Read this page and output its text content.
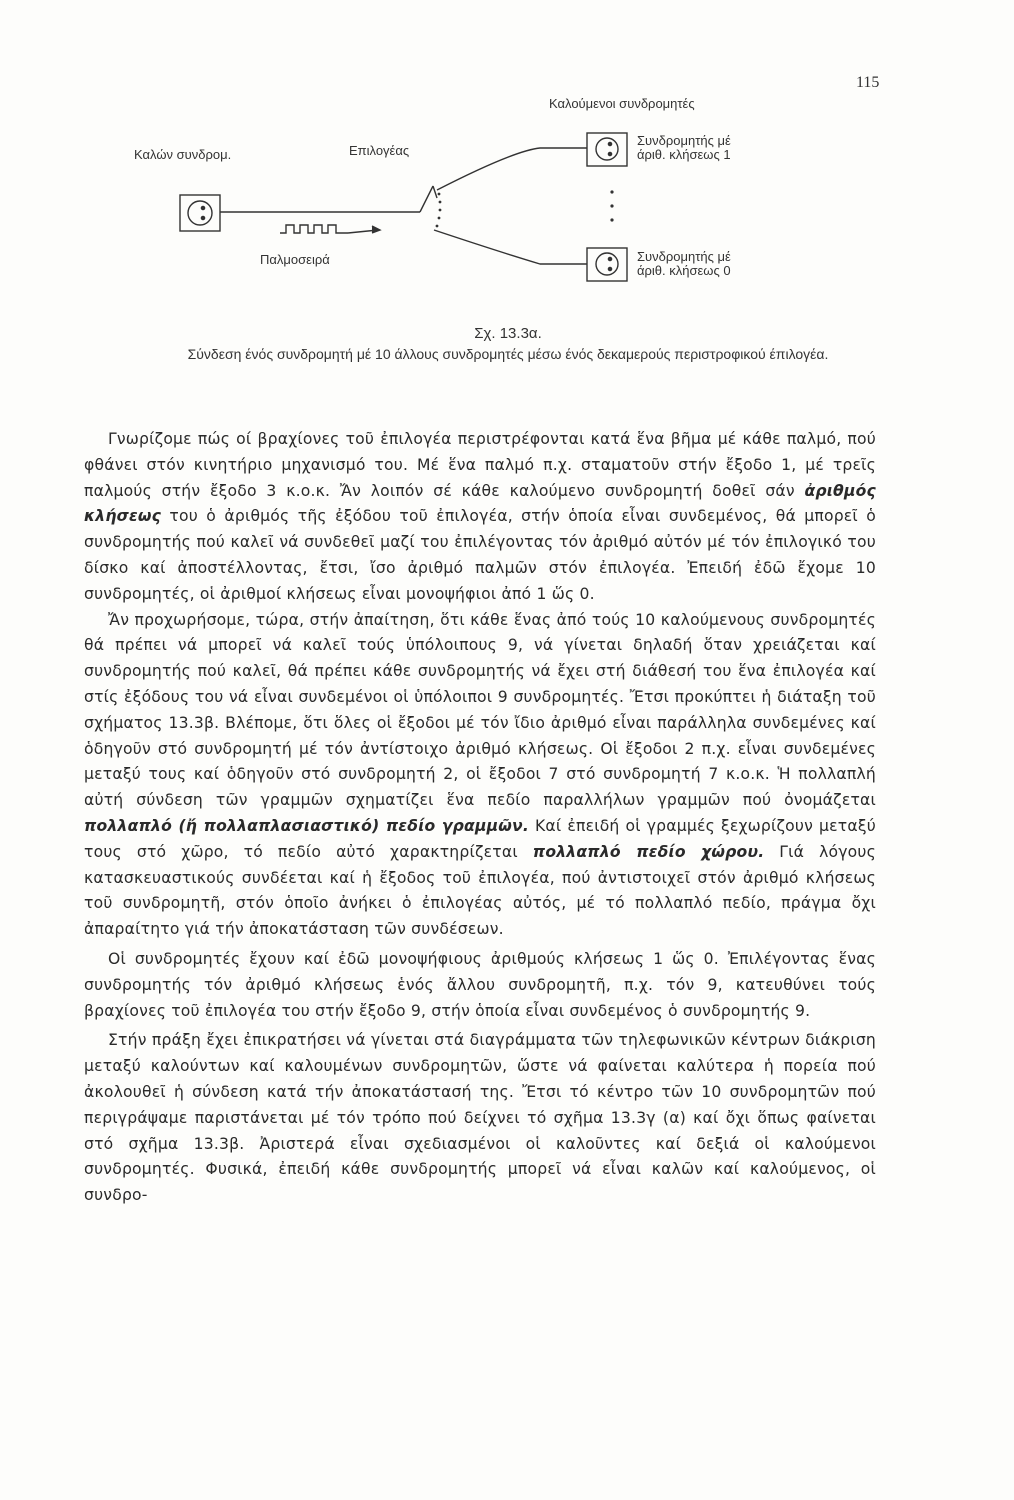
115
Καλούμενοι συνδρομητές
Καλών συνδρομ.	Επιλογέας
Παλμοσειρά
Συνδρομητής μέ
άριθ. κλήσεως 1
Συνδρομητής μέ
άριθ. κλήσεως 0
Σχ. 13.3α.
Σύνδεση ένός συνδρομητή μέ 10 άλλους συνδρομητές μέσω ένός δεκαμερούς περιστροφικού έπιλογέα.

Γνωρίζομε πώς οί βραχίονες τοῦ ἐπιλογέα περιστρέφονται κατά ἕνα βῆμα μέ κάθε παλμό, πού φθάνει στόν κινητήριο μηχανισμό του. Μέ ἕνα παλμό π.χ. σταματοῦν στήν ἔξοδο 1, μέ τρεῖς παλμούς στήν ἔξοδο 3 κ.ο.κ. Ἄν λοιπόν σέ κάθε καλούμενο συνδρομητή δοθεῖ σάν ἀριθμός κλήσεως του ὁ ἀριθμός τῆς ἐξόδου τοῦ ἐπιλογέα, στήν ὁποία εἶναι συνδεμένος, θά μπορεῖ ὁ συνδρομητής πού καλεῖ νά συνδεθεῖ μαζί του ἐπιλέγοντας τόν ἀριθμό αὐτόν μέ τόν ἐπιλογικό του δίσκο καί ἀποστέλλοντας, ἔτσι, ἴσο ἀριθμό παλμῶν στόν ἐπιλογέα. Ἐπειδή ἐδῶ ἔχομε 10 συνδρομητές, οἱ ἀριθμοί κλήσεως εἶναι μονοψήφιοι ἀπό 1 ὥς 0.

Ἄν προχωρήσομε, τώρα, στήν ἀπαίτηση, ὅτι κάθε ἕνας ἀπό τούς 10 καλούμενους συνδρομητές θά πρέπει νά μπορεῖ νά καλεῖ τούς ὑπόλοιπους 9, νά γίνεται δηλαδή ὅταν χρειάζεται καί συνδρομητής πού καλεῖ, θά πρέπει κάθε συνδρομητής νά ἔχει στή διάθεσή του ἕνα ἐπιλογέα καί στίς ἐξόδους του νά εἶναι συνδεμένοι οἱ ὑπόλοιποι 9 συνδρομητές. Ἔτσι προκύπτει ἡ διάταξη τοῦ σχήματος 13.3β. Βλέπομε, ὅτι ὅλες οἱ ἔξοδοι μέ τόν ἴδιο ἀριθμό εἶναι παράλληλα συνδεμένες καί ὁδηγοῦν στό συνδρομητή μέ τόν ἀντίστοιχο ἀριθμό κλήσεως. Οἱ ἔξοδοι 2 π.χ. εἶναι συνδεμένες μεταξύ τους καί ὁδηγοῦν στό συνδρομητή 2, οἱ ἔξοδοι 7 στό συνδρομητή 7 κ.ο.κ. Ἡ πολλαπλή αὐτή σύνδεση τῶν γραμμῶν σχηματίζει ἕνα πεδίο παραλλήλων γραμμῶν πού ὀνομάζεται πολλαπλό (ἤ πολλαπλασιαστικό) πεδίο γραμμῶν. Καί ἐπειδή οἱ γραμμές ξεχωρίζουν μεταξύ τους στό χῶρο, τό πεδίο αὐτό χαρακτηρίζεται πολλαπλό πεδίο χώρου. Γιά λόγους κατασκευαστικούς συνδέεται καί ἡ ἔξοδος τοῦ ἐπιλογέα, πού ἀντιστοιχεῖ στόν ἀριθμό κλήσεως τοῦ συνδρομητῆ, στόν ὁποῖο ἀνήκει ὁ ἐπιλογέας αὐτός, μέ τό πολλαπλό πεδίο, πράγμα ὄχι ἀπαραίτητο γιά τήν ἀποκατάσταση τῶν συνδέσεων.

Οἱ συνδρομητές ἔχουν καί ἐδῶ μονοψήφιους ἀριθμούς κλήσεως 1 ὥς 0. Ἐπιλέγοντας ἕνας συνδρομητής τόν ἀριθμό κλήσεως ἑνός ἄλλου συνδρομητῆ, π.χ. τόν 9, κατευθύνει τούς βραχίονες τοῦ ἐπιλογέα του στήν ἔξοδο 9, στήν ὁποία εἶναι συνδεμένος ὁ συνδρομητής 9.

Στήν πράξη ἔχει ἐπικρατήσει νά γίνεται στά διαγράμματα τῶν τηλεφωνικῶν κέντρων διάκριση μεταξύ καλούντων καί καλουμένων συνδρομητῶν, ὥστε νά φαίνεται καλύτερα ἡ πορεία πού ἀκολουθεῖ ἡ σύνδεση κατά τήν ἀποκατάστασή της. Ἔτσι τό κέντρο τῶν 10 συνδρομητῶν πού περιγράψαμε παριστάνεται μέ τόν τρόπο πού δείχνει τό σχῆμα 13.3γ (α) καί ὄχι ὅπως φαίνεται στό σχῆμα 13.3β. Ἀριστερά εἶναι σχεδιασμένοι οἱ καλοῦντες καί δεξιά οἱ καλούμενοι συνδρομητές. Φυσικά, ἐπειδή κάθε συνδρομητής μπορεῖ νά εἶναι καλῶν καί καλούμενος, οἱ συνδρο-
